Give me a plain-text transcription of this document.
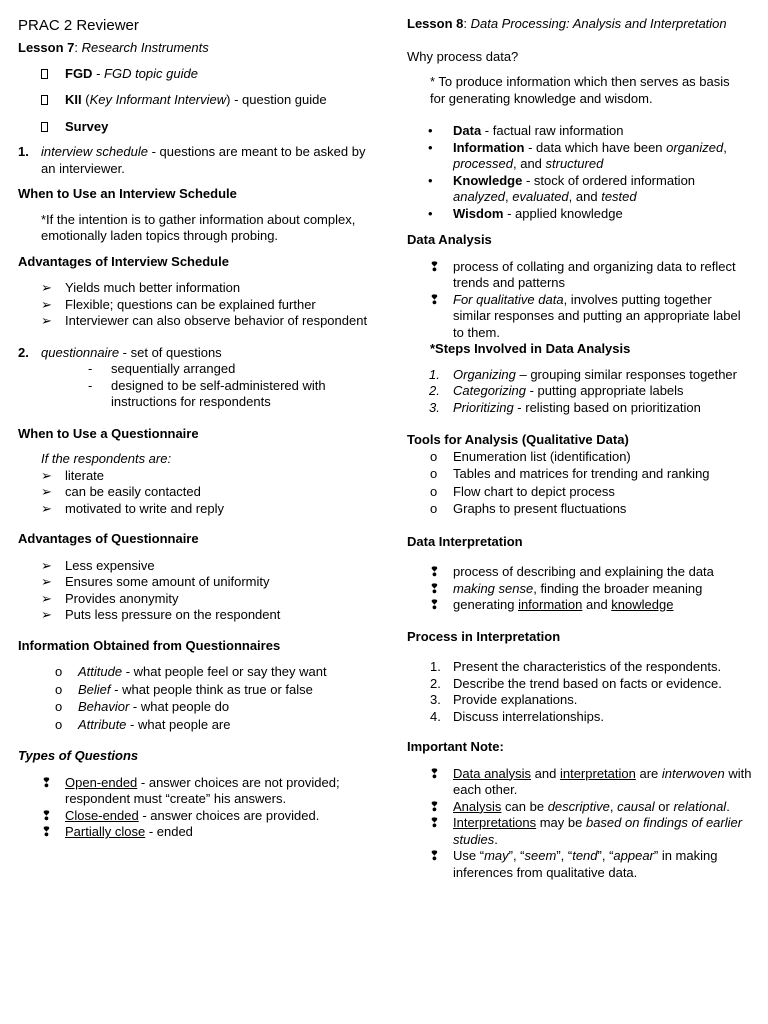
PRAC 2 Reviewer
Lesson 7: Research Instruments
FGD - FGD topic guide
KII (Key Informant Interview) - question guide
Survey
1. interview schedule - questions are meant to be asked by an interviewer.
When to Use an Interview Schedule
*If the intention is to gather information about complex, emotionally laden topics through probing.
Advantages of Interview Schedule
➢ Yields much better information
➢ Flexible; questions can be explained further
➢ Interviewer can also observe behavior of respondent
2. questionnaire - set of questions
- sequentially arranged
- designed to be self-administered with instructions for respondents
When to Use a Questionnaire
If the respondents are:
➢ literate
➢ can be easily contacted
➢ motivated to write and reply
Advantages of Questionnaire
➢ Less expensive
➢ Ensures some amount of uniformity
➢ Provides anonymity
➢ Puts less pressure on the respondent
Information Obtained from Questionnaires
o Attitude - what people feel or say they want
o Belief - what people think as true or false
o Behavior - what people do
o Attribute - what people are
Types of Questions
❢ Open-ended - answer choices are not provided; respondent must “create” his answers.
❢ Close-ended - answer choices are provided.
❢ Partially close - ended
Lesson 8: Data Processing: Analysis and Interpretation
Why process data?
* To produce information which then serves as basis for generating knowledge and wisdom.
• Data - factual raw information
• Information - data which have been organized, processed, and structured
• Knowledge - stock of ordered information analyzed, evaluated, and tested
• Wisdom - applied knowledge
Data Analysis
❢ process of collating and organizing data to reflect trends and patterns
❢ For qualitative data, involves putting together similar responses and putting an appropriate label to them.
*Steps Involved in Data Analysis
1. Organizing – grouping similar responses together
2. Categorizing - putting appropriate labels
3. Prioritizing - relisting based on prioritization
Tools for Analysis (Qualitative Data)
o Enumeration list (identification)
o Tables and matrices for trending and ranking
o Flow chart to depict process
o Graphs to present fluctuations
Data Interpretation
❢ process of describing and explaining the data
❢ making sense, finding the broader meaning
❢ generating information and knowledge
Process in Interpretation
1. Present the characteristics of the respondents.
2. Describe the trend based on facts or evidence.
3. Provide explanations.
4. Discuss interrelationships.
Important Note:
❢ Data analysis and interpretation are interwoven with each other.
❢ Analysis can be descriptive, causal or relational.
❢ Interpretations may be based on findings of earlier studies.
❢ Use “may”, “seem”, “tend”, “appear” in making inferences from qualitative data.
